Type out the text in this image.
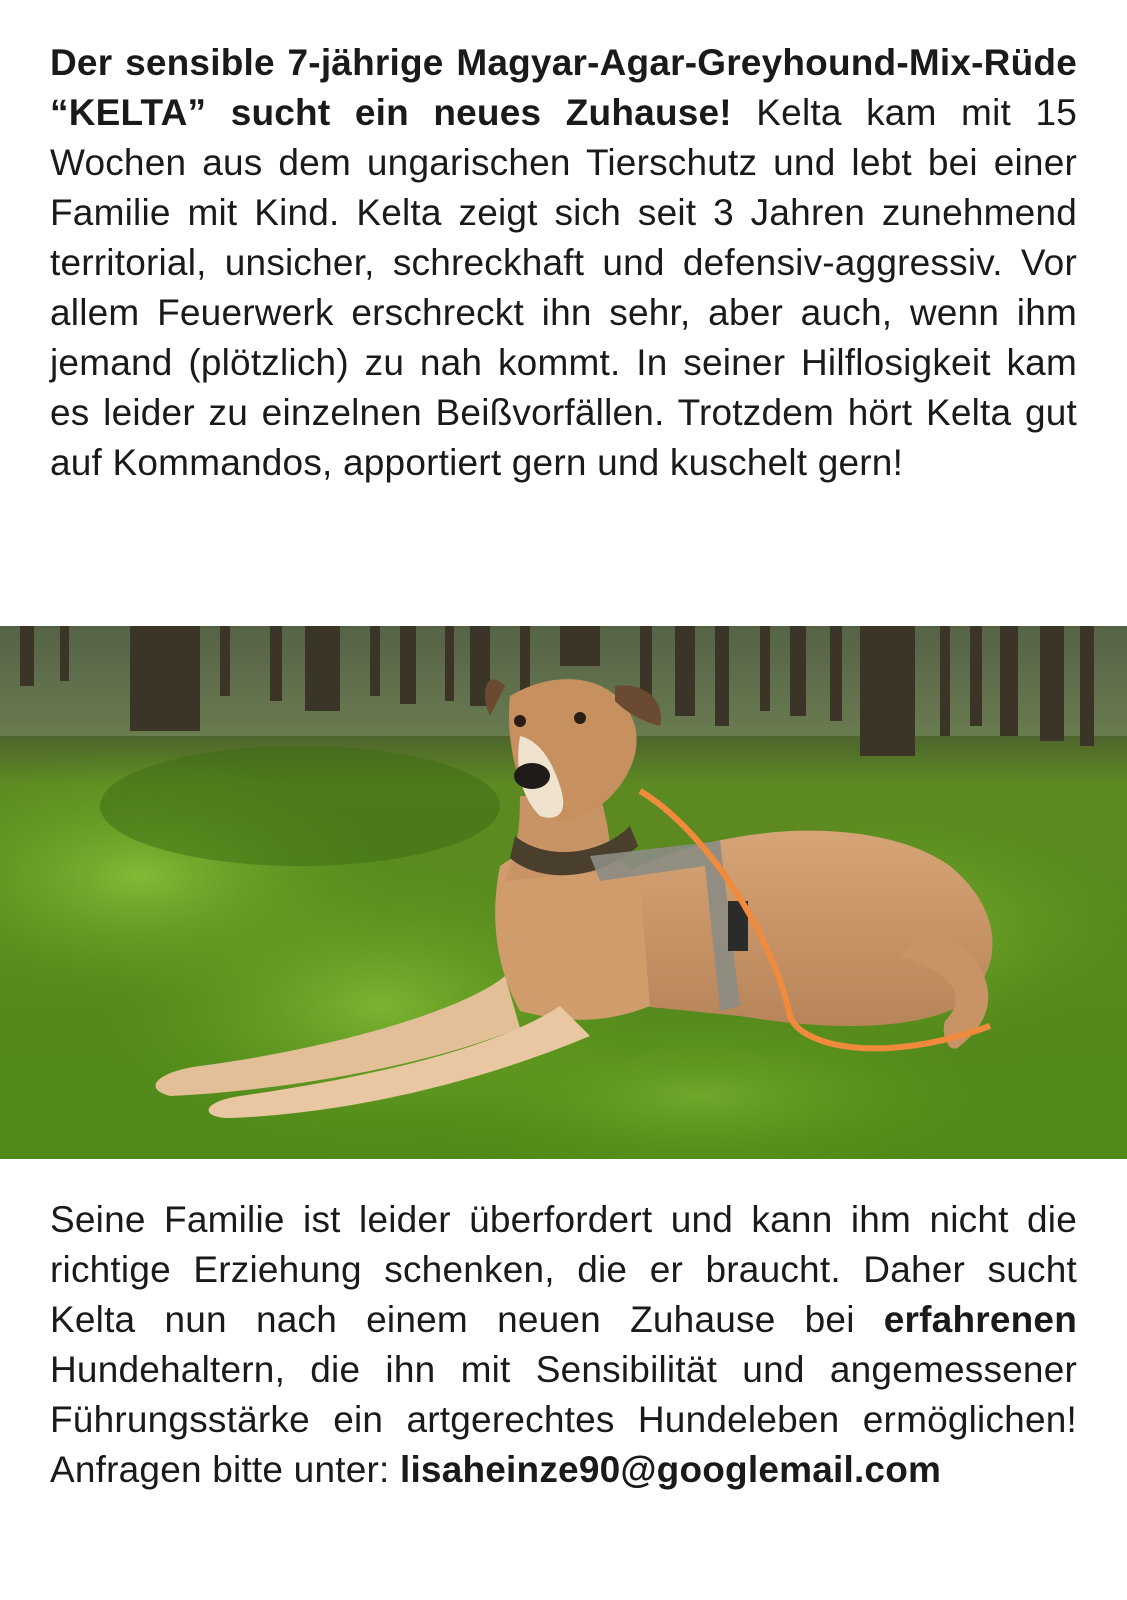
Der sensible 7-jährige Magyar-Agar-Greyhound-Mix-Rüde “KELTA” sucht ein neues Zuhause! Kelta kam mit 15 Wochen aus dem ungarischen Tierschutz und lebt bei einer Familie mit Kind. Kelta zeigt sich seit 3 Jahren zunehmend territorial, unsicher, schreckhaft und defensiv-aggressiv. Vor allem Feuerwerk erschreckt ihn sehr, aber auch, wenn ihm jemand (plötzlich) zu nah kommt. In seiner Hilflosigkeit kam es leider zu einzelnen Beißvorfällen. Trotzdem hört Kelta gut auf Kommandos, apportiert gern und kuschelt gern!

Seine Familie ist leider überfordert und kann ihm nicht die richtige Erziehung schenken, die er braucht. Daher sucht Kelta nun nach einem neuen Zuhause bei erfahrenen Hundehaltern, die ihn mit Sensibilität und angemessener Führungsstärke ein artgerechtes Hundeleben ermöglichen! Anfragen bitte unter: lisaheinze90@googlemail.com
